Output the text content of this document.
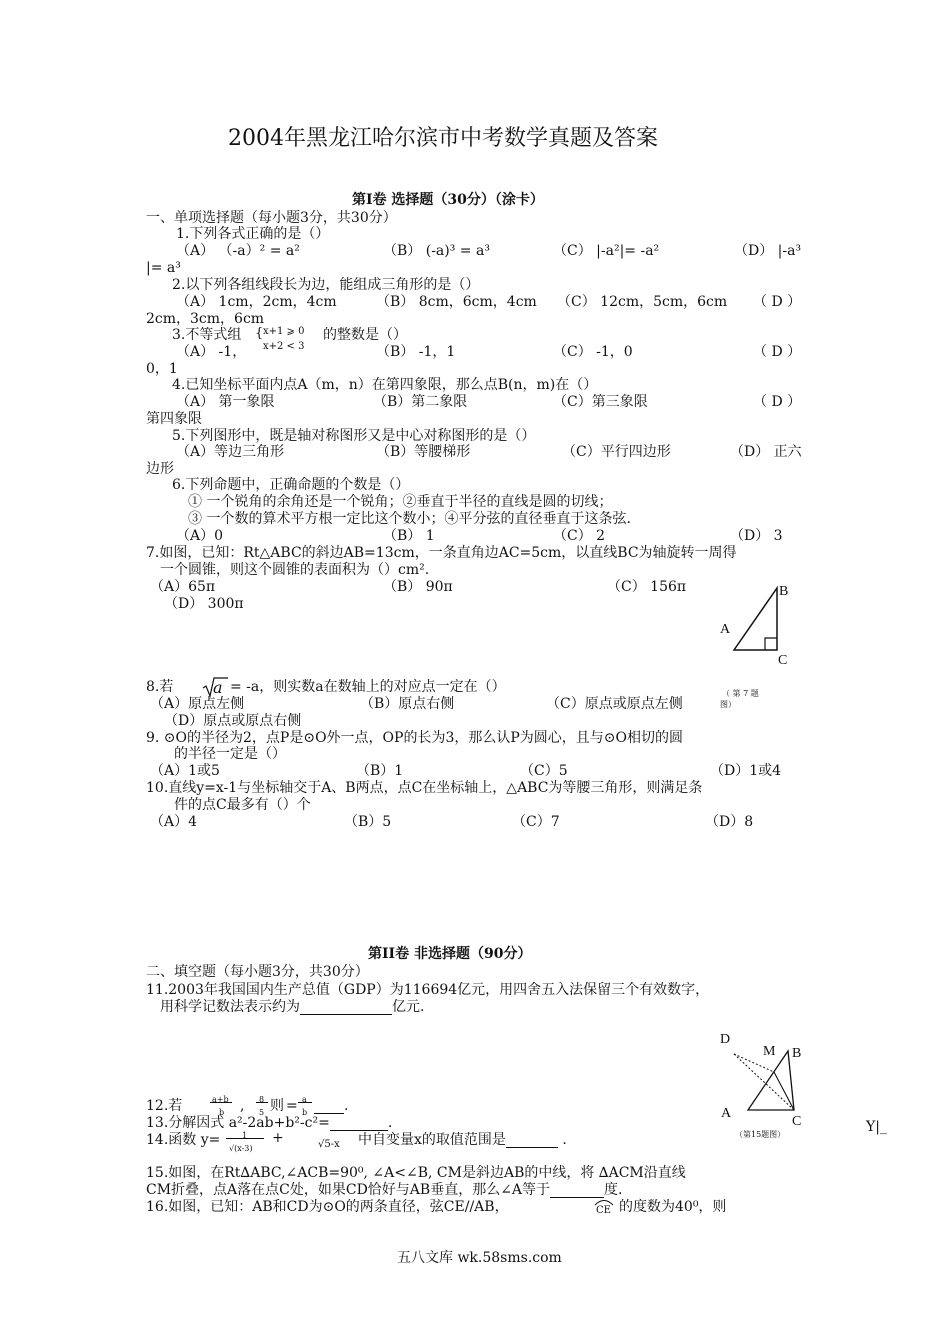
2004年黑龙江哈尔滨市中考数学真题及答案
第Ⅰ卷 选择题（30分）（涂卡）
一、单项选择题（每小题3分，共30分）
1.下列各式正确的是（）
（A） （-a）² = a²	（B） (-a)³ = a³	（C） |-a²|= -a²	（D） |-a³
|= a³
2.以下列各组线段长为边，能组成三角形的是（）
（A） 1cm，2cm，4cm	（B） 8cm，6cm，4cm （C） 12cm，5cm，6cm （ D ）
2cm，3cm，6cm
3.不等式组 { x+1 ⩾ 0
x+2 < 3
的整数是（）
（A） -1，	（B） -1，1	（C） -1，0	（ D ）
0，1
4.已知坐标平面内点A（m，n）在第四象限，那么点B(n，m)在（）
（A） 第一象限	（B）第二象限	（C）第三象限	（ D ）
第四象限
5.下列图形中，既是轴对称图形又是中心对称图形的是（）
（A）等边三角形	（B）等腰梯形	（C）平行四边形	（D） 正六
边形
6.下列命题中，正确命题的个数是（）
① 一个锐角的余角还是一个锐角；②垂直于半径的直线是圆的切线；
③ 一个数的算术平方根一定比这个数小；④平分弦的直径垂直于这条弦.
（A）0	（B） 1	（C） 2	（D） 3
7.如图，已知：Rt△ABC的斜边AB=13cm，一条直角边AC=5cm，以直线BC为轴旋转一周得
一个圆锥，则这个圆锥的表面积为（）cm².
（A）65π	（B） 90π	（C） 156π
（D） 300π
A
B
C
（ 第 7 题
图）
8.若 a = -a，则实数a在数轴上的对应点一定在（）
（A）原点左侧	（B）原点右侧	（C）原点或原点左侧
（D）原点或原点右侧
9. ⊙O的半径为2，点P是⊙O外一点，OP的长为3，那么认P为圆心，且与⊙O相切的圆
的半径一定是（）
（A）1或5	（B）1	（C）5	（D）1或4
10.直线y=x-1与坐标轴交于A、B两点，点C在坐标轴上，△ABC为等腰三角形，则满足条
件的点C最多有（）个
（A）4	（B）5	（C）7	（D）8
第II卷 非选择题（90分）
二、填空题（每小题3分，共30分）
11.2003年我国国内生产总值（GDP）为116694亿元，用四舍五入法保留三个有效数字，
用科学记数法表示约为	亿元.
D
M B
A
C
（第15题图）	Y|_
12.若	a+b
b , 8
5 则 = a
b	.
13.分解因式 a²-2ab+b²-c²=	.
14.函数 y=	1
√(x-3)
+	√5-x 中自变量x的取值范围是	.
15.如图，在Rt∆ABC,∠ACB=90⁰, ∠A<∠B, CM是斜边AB的中线，将 ∆ACM沿直线
CM折叠，点A落在点C处，如果CD恰好与AB垂直，那么∠A等于	度.
16.如图，已知：AB和CD为⊙O的两条直径，弦CE//AB，	CE 的度数为40⁰，则
五八文库 wk.58sms.com
